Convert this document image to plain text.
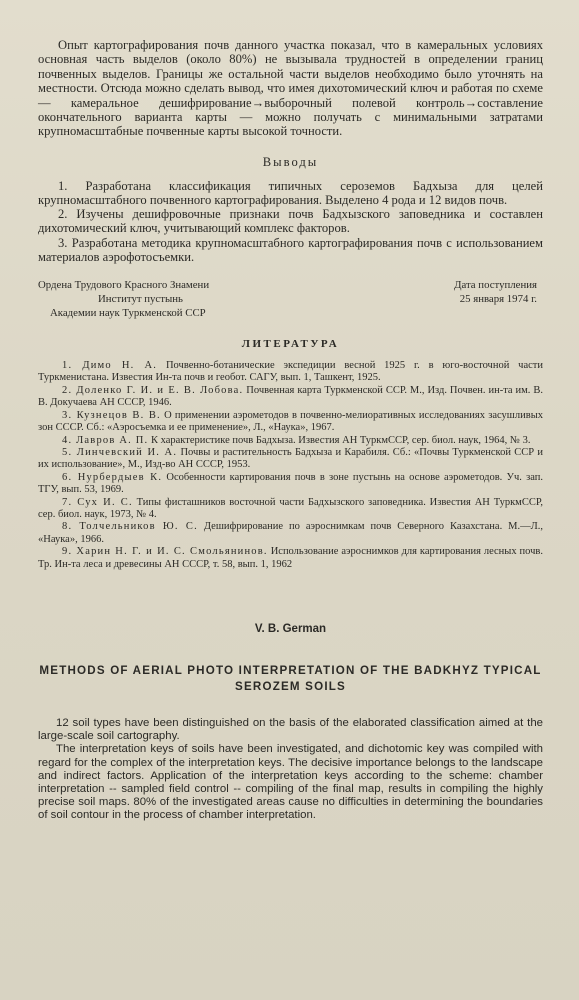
Опыт картографирования почв данного участка показал, что в камеральных условиях основная часть выделов (около 80%) не вызывала трудностей в определении границ почвенных выделов. Границы же остальной части выделов необходимо было уточнять на местности. Отсюда можно сделать вывод, что имея дихотомический ключ и работая по схеме — камеральное дешифрирование→выборочный полевой контроль→составление окончательного варианта карты — можно получать с минимальными затратами крупномасштабные почвенные карты высокой точности.

Выводы

1. Разработана классификация типичных сероземов Бадхыза для целей крупномасштабного почвенного картографирования. Выделено 4 рода и 12 видов почв.

2. Изучены дешифровочные признаки почв Бадхызского заповедника и составлен дихотомический ключ, учитывающий комплекс факторов.

3. Разработана методика крупномасштабного картографирования почв с использованием материалов аэрофотосъемки.

Ордена Трудового Красного Знамени
Институт пустынь
Академии наук Туркменской ССР
Дата поступления
25 января 1974 г.
ЛИТЕРАТУРА

1. Димо Н. А. Почвенно-ботанические экспедиции весной 1925 г. в юго-восточной части Туркменистана. Известия Ин-та почв и геобот. САГУ, вып. 1, Ташкент, 1925.

2. Доленко Г. И. и Е. В. Лобова. Почвенная карта Туркменской ССР. М., Изд. Почвен. ин-та им. В. В. Докучаева АН СССР, 1946.

3. Кузнецов В. В. О применении аэрометодов в почвенно-мелиоративных исследованиях засушливых зон СССР. Сб.: «Аэросъемка и ее применение», Л., «Наука», 1967.

4. Лавров А. П. К характеристике почв Бадхыза. Известия АН ТуркмССР, сер. биол. наук, 1964, № 3.

5. Линчевский И. А. Почвы и растительность Бадхыза и Карабиля. Сб.: «Почвы Туркменской ССР и их использование», М., Изд-во АН СССР, 1953.

6. Нурбердыев К. Особенности картирования почв в зоне пустынь на основе аэрометодов. Уч. зап. ТГУ, вып. 53, 1969.

7. Сух И. С. Типы фисташников восточной части Бадхызского заповедника. Известия АН ТуркмССР, сер. биол. наук, 1973, № 4.

8. Толчельников Ю. С. Дешифрирование по аэроснимкам почв Северного Казахстана. М.—Л., «Наука», 1966.

9. Харин Н. Г. и И. С. Смольянинов. Использование аэроснимков для картирования лесных почв. Тр. Ин-та леса и древесины АН СССР, т. 58, вып. 1, 1962

V. B. German
METHODS OF AERIAL PHOTO INTERPRETATION OF THE BADKHYZ TYPICAL SEROZEM SOILS

12 soil types have been distinguished on the basis of the elaborated classification aimed at the large-scale soil cartography.

The interpretation keys of soils have been investigated, and dichotomic key was compiled with regard for the complex of the interpretation keys. The decisive importance belongs to the landscape and indirect factors. Application of the interpretation keys according to the scheme: chamber interpretation -- sampled field control -- compiling of the final map, results in compiling the highly precise soil maps. 80% of the investigated areas cause no difficulties in determining the boundaries of soil contour in the process of chamber interpretation.
